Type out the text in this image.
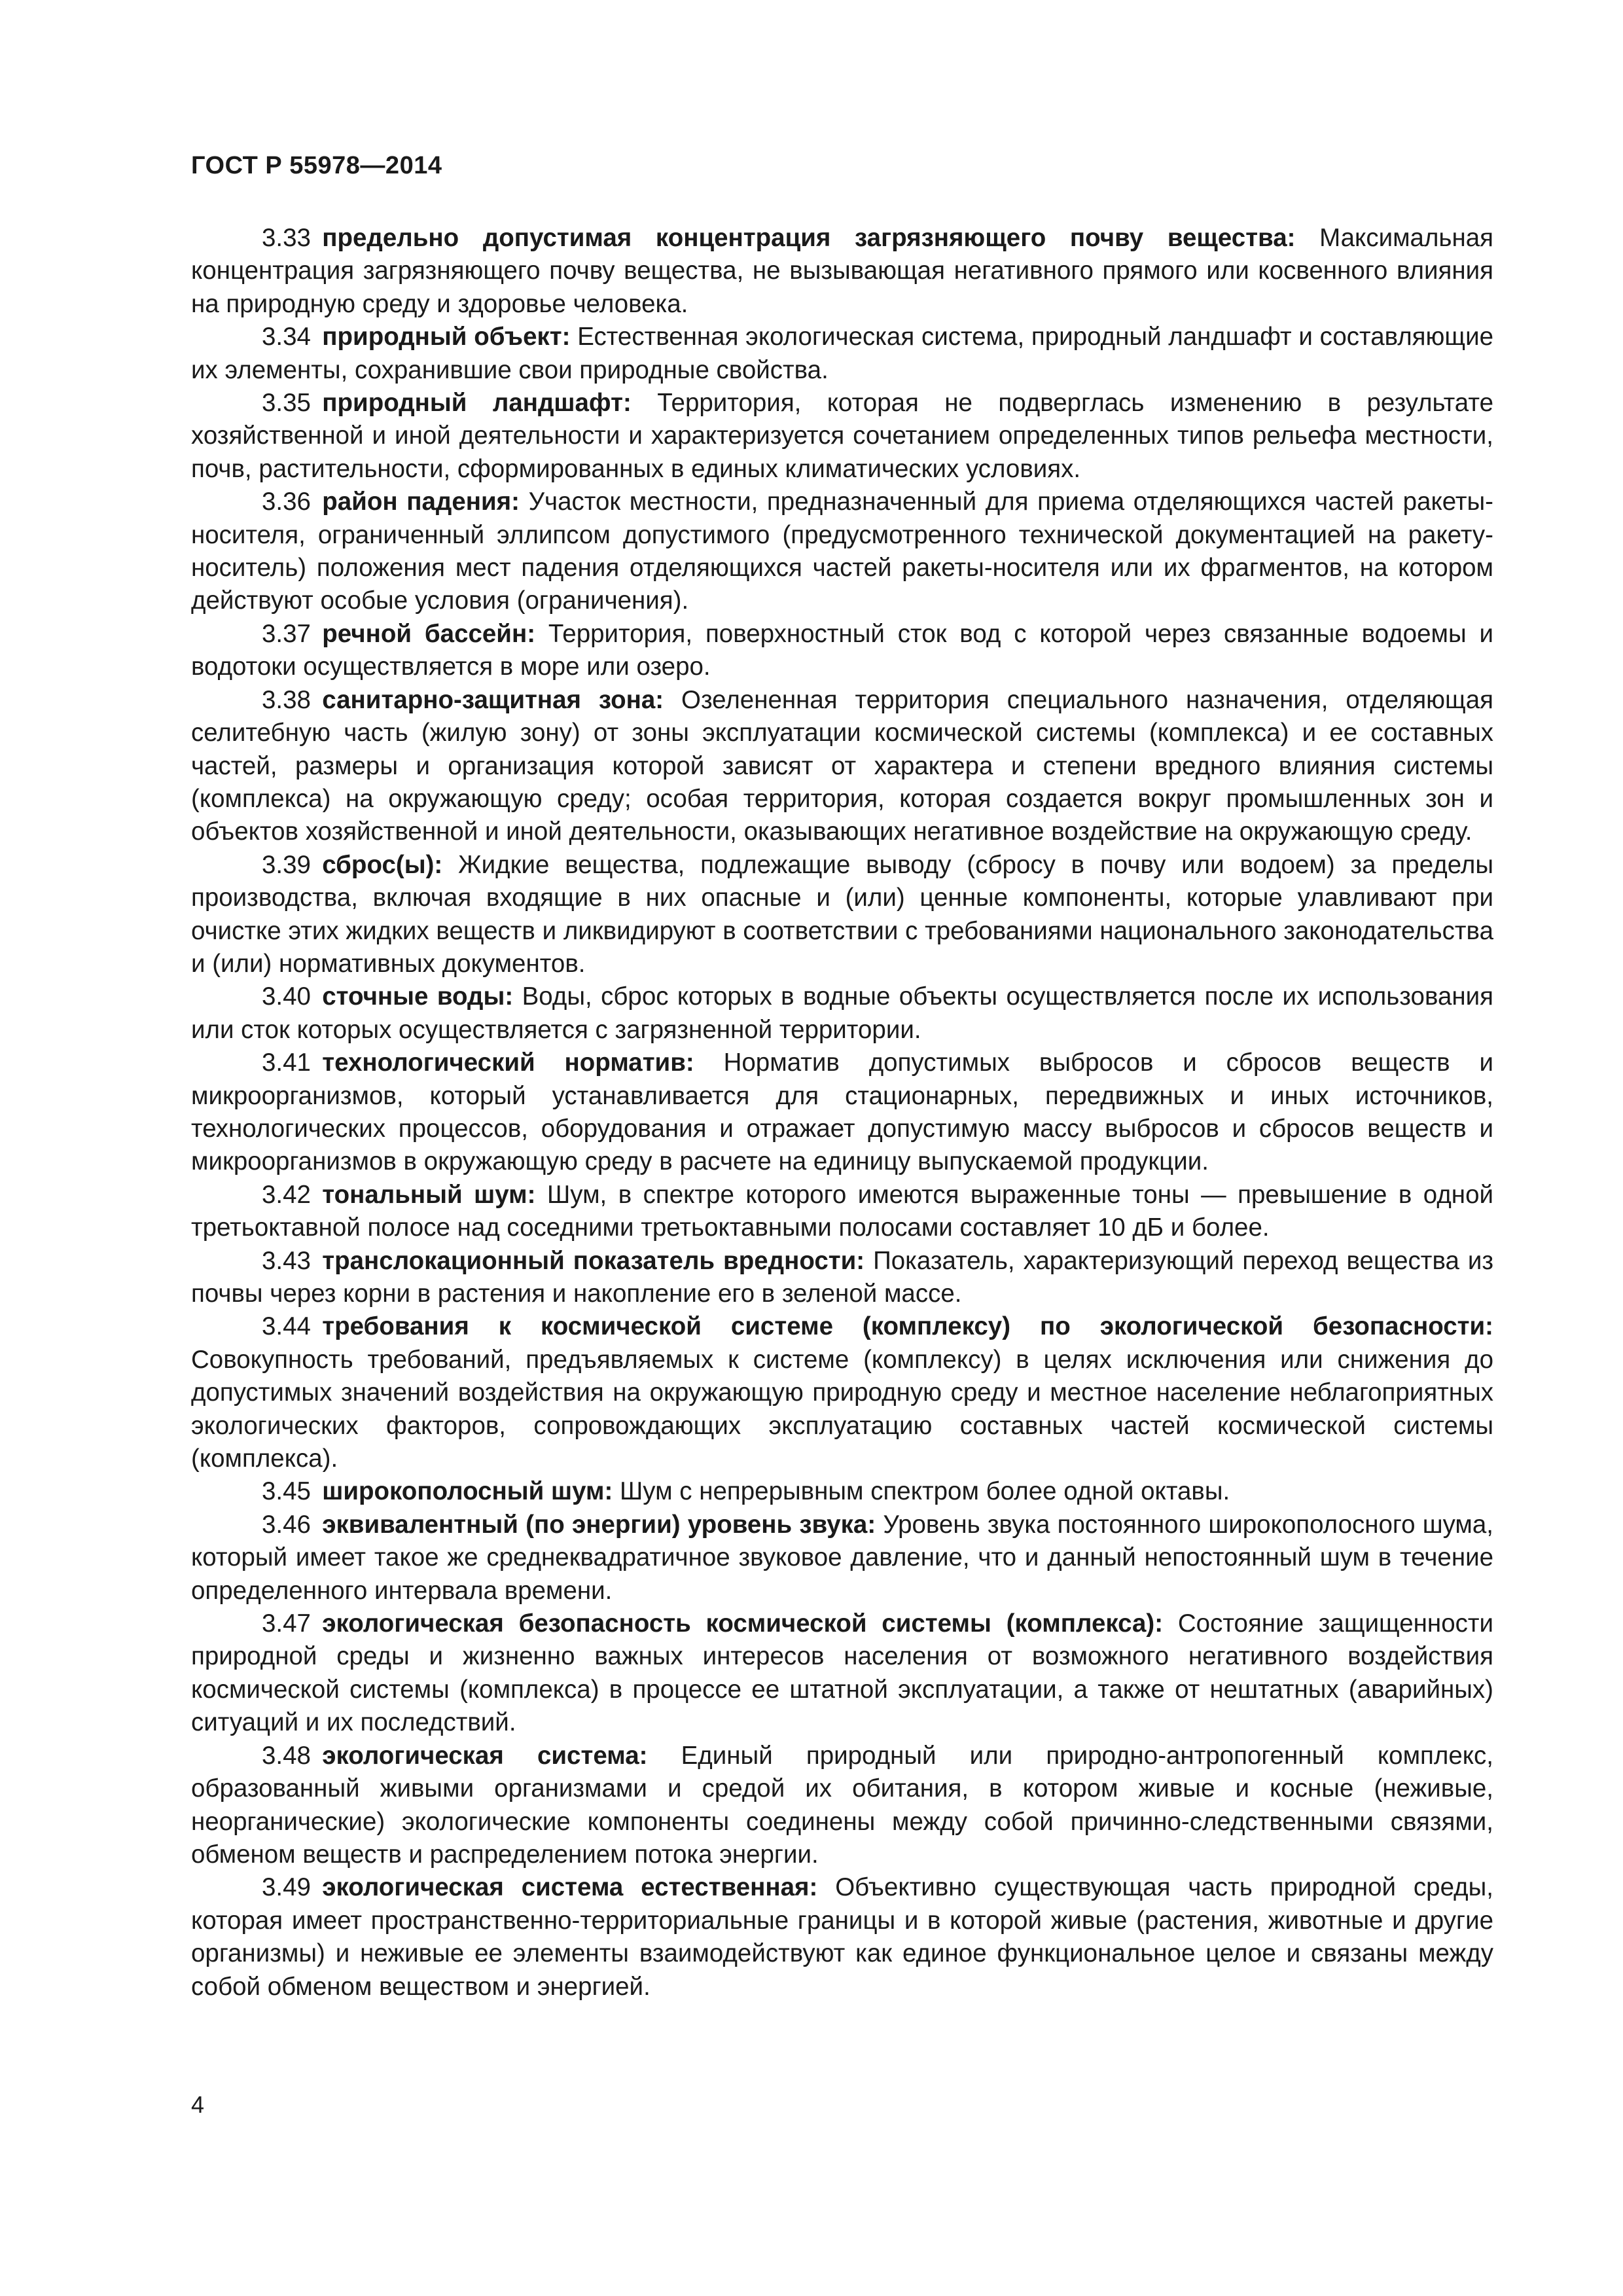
ГОСТ Р 55978—2014

3.33 предельно допустимая концентрация загрязняющего почву вещества: Максимальная концентрация загрязняющего почву вещества, не вызывающая негативного прямого или косвенного влияния на природную среду и здоровье человека.

3.34 природный объект: Естественная экологическая система, природный ландшафт и составляющие их элементы, сохранившие свои природные свойства.

3.35 природный ландшафт: Территория, которая не подверглась изменению в результате хозяйственной и иной деятельности и характеризуется сочетанием определенных типов рельефа местности, почв, растительности, сформированных в единых климатических условиях.

3.36 район падения: Участок местности, предназначенный для приема отделяющихся частей ракеты-носителя, ограниченный эллипсом допустимого (предусмотренного технической документацией на ракету-носитель) положения мест падения отделяющихся частей ракеты-носителя или их фрагментов, на котором действуют особые условия (ограничения).

3.37 речной бассейн: Территория, поверхностный сток вод с которой через связанные водоемы и водотоки осуществляется в море или озеро.

3.38 санитарно-защитная зона: Озелененная территория специального назначения, отделяющая селитебную часть (жилую зону) от зоны эксплуатации космической системы (комплекса) и ее составных частей, размеры и организация которой зависят от характера и степени вредного влияния системы (комплекса) на окружающую среду; особая территория, которая создается вокруг промышленных зон и объектов хозяйственной и иной деятельности, оказывающих негативное воздействие на окружающую среду.

3.39 сброс(ы): Жидкие вещества, подлежащие выводу (сбросу в почву или водоем) за пределы производства, включая входящие в них опасные и (или) ценные компоненты, которые улавливают при очистке этих жидких веществ и ликвидируют в соответствии с требованиями национального законодательства и (или) нормативных документов.

3.40 сточные воды: Воды, сброс которых в водные объекты осуществляется после их использования или сток которых осуществляется с загрязненной территории.

3.41 технологический норматив: Норматив допустимых выбросов и сбросов веществ и микроорганизмов, который устанавливается для стационарных, передвижных и иных источников, технологических процессов, оборудования и отражает допустимую массу выбросов и сбросов веществ и микроорганизмов в окружающую среду в расчете на единицу выпускаемой продукции.

3.42 тональный шум: Шум, в спектре которого имеются выраженные тоны — превышение в одной третьоктавной полосе над соседними третьоктавными полосами составляет 10 дБ и более.

3.43 транслокационный показатель вредности: Показатель, характеризующий переход вещества из почвы через корни в растения и накопление его в зеленой массе.

3.44 требования к космической системе (комплексу) по экологической безопасности: Совокупность требований, предъявляемых к системе (комплексу) в целях исключения или снижения до допустимых значений воздействия на окружающую природную среду и местное население неблагоприятных экологических факторов, сопровождающих эксплуатацию составных частей космической системы (комплекса).

3.45 широкополосный шум: Шум с непрерывным спектром более одной октавы.

3.46 эквивалентный (по энергии) уровень звука: Уровень звука постоянного широкополосного шума, который имеет такое же среднеквадратичное звуковое давление, что и данный непостоянный шум в течение определенного интервала времени.

3.47 экологическая безопасность космической системы (комплекса): Состояние защищенности природной среды и жизненно важных интересов населения от возможного негативного воздействия космической системы (комплекса) в процессе ее штатной эксплуатации, а также от нештатных (аварийных) ситуаций и их последствий.

3.48 экологическая система: Единый природный или природно-антропогенный комплекс, образованный живыми организмами и средой их обитания, в котором живые и косные (неживые, неорганические) экологические компоненты соединены между собой причинно-следственными связями, обменом веществ и распределением потока энергии.

3.49 экологическая система естественная: Объективно существующая часть природной среды, которая имеет пространственно-территориальные границы и в которой живые (растения, животные и другие организмы) и неживые ее элементы взаимодействуют как единое функциональное целое и связаны между собой обменом веществом и энергией.

4
